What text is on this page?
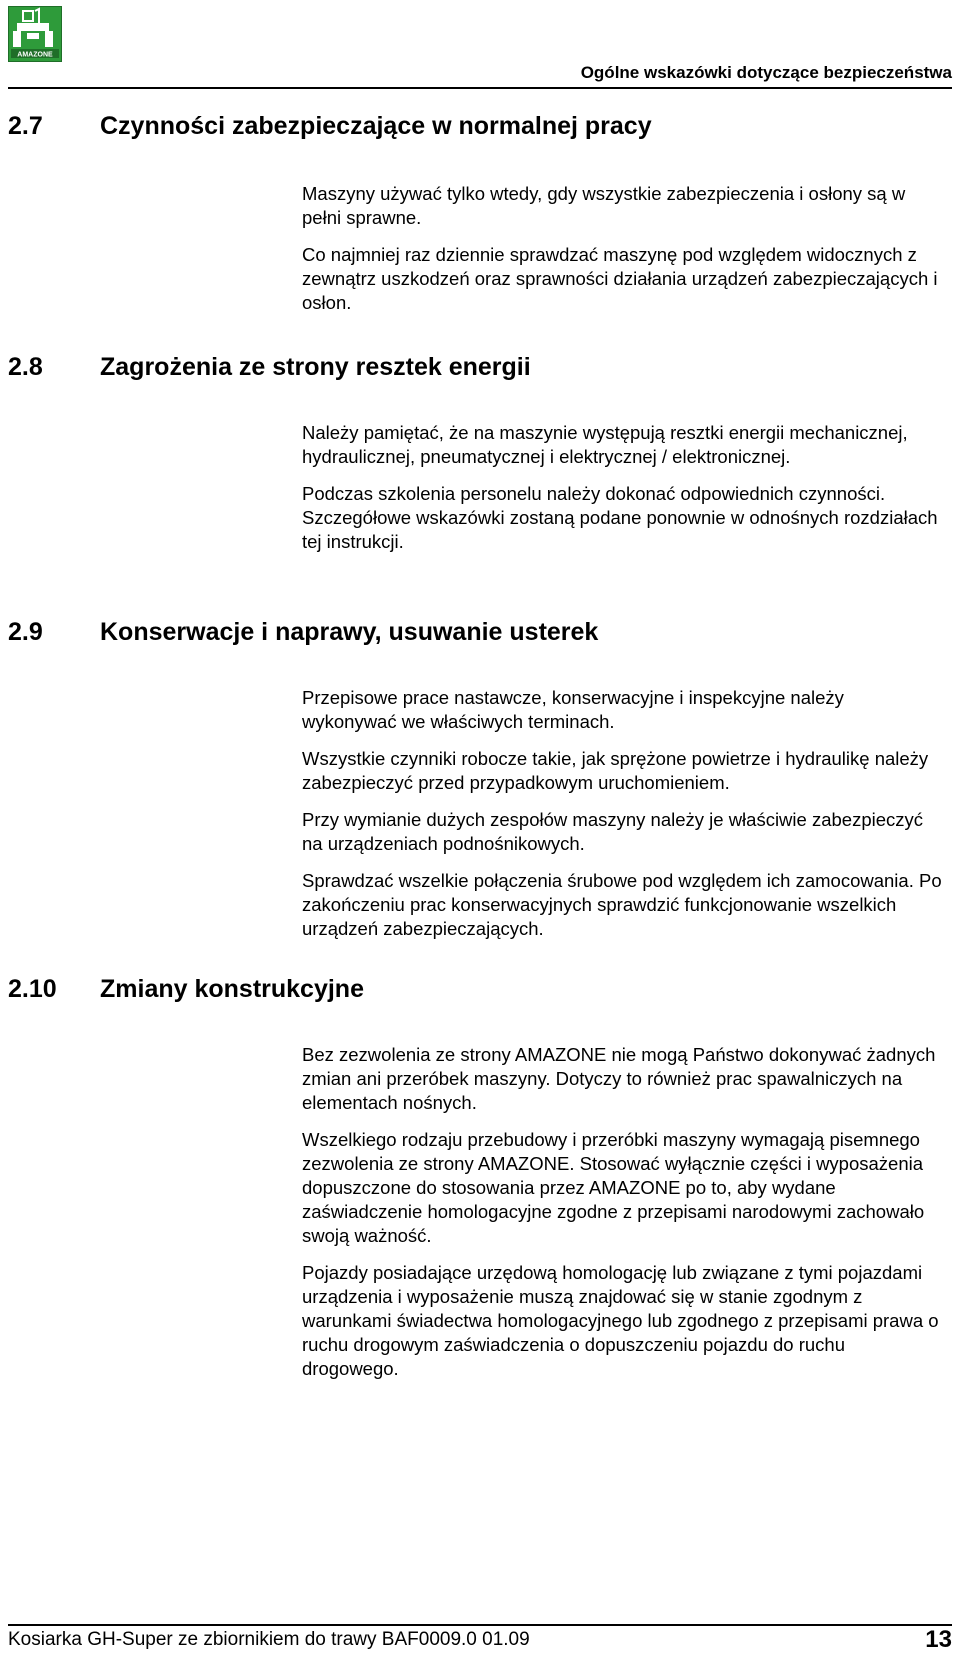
AMAZONE
Ogólne wskazówki dotyczące bezpieczeństwa
2.7 Czynności zabezpieczające w normalnej pracy

Maszyny używać tylko wtedy, gdy wszystkie zabezpieczenia i osłony są w pełni sprawne.

Co najmniej raz dziennie sprawdzać maszynę pod względem widocznych z zewnątrz uszkodzeń oraz sprawności działania urządzeń zabezpieczających i osłon.

2.8 Zagrożenia ze strony resztek energii

Należy pamiętać, że na maszynie występują resztki energii mechanicznej, hydraulicznej, pneumatycznej i elektrycznej / elektronicznej.

Podczas szkolenia personelu należy dokonać odpowiednich czynności. Szczegółowe wskazówki zostaną podane ponownie w odnośnych rozdziałach tej instrukcji.

2.9 Konserwacje i naprawy, usuwanie usterek

Przepisowe prace nastawcze, konserwacyjne i inspekcyjne należy wykonywać we właściwych terminach.

Wszystkie czynniki robocze takie, jak sprężone powietrze i hydraulikę należy zabezpieczyć przed przypadkowym uruchomieniem.

Przy wymianie dużych zespołów maszyny należy je właściwie zabezpieczyć na urządzeniach podnośnikowych.

Sprawdzać wszelkie połączenia śrubowe pod względem ich zamocowania. Po zakończeniu prac konserwacyjnych sprawdzić funkcjonowanie wszelkich urządzeń zabezpieczających.

2.10 Zmiany konstrukcyjne

Bez zezwolenia ze strony AMAZONE nie mogą Państwo dokonywać żadnych zmian ani przeróbek maszyny. Dotyczy to również prac spawalniczych na elementach nośnych.

Wszelkiego rodzaju przebudowy i przeróbki maszyny wymagają pisemnego zezwolenia ze strony AMAZONE. Stosować wyłącznie części i wyposażenia dopuszczone do stosowania przez AMAZONE po to, aby wydane zaświadczenie homologacyjne zgodne z przepisami narodowymi zachowało swoją ważność.

Pojazdy posiadające urzędową homologację lub związane z tymi pojazdami urządzenia i wyposażenie muszą znajdować się w stanie zgodnym z warunkami świadectwa homologacyjnego lub zgodnego z przepisami prawa o ruchu drogowym zaświadczenia o dopuszczeniu pojazdu do ruchu drogowego.

Kosiarka GH-Super ze zbiornikiem do trawy BAF0009.0 01.09	13
